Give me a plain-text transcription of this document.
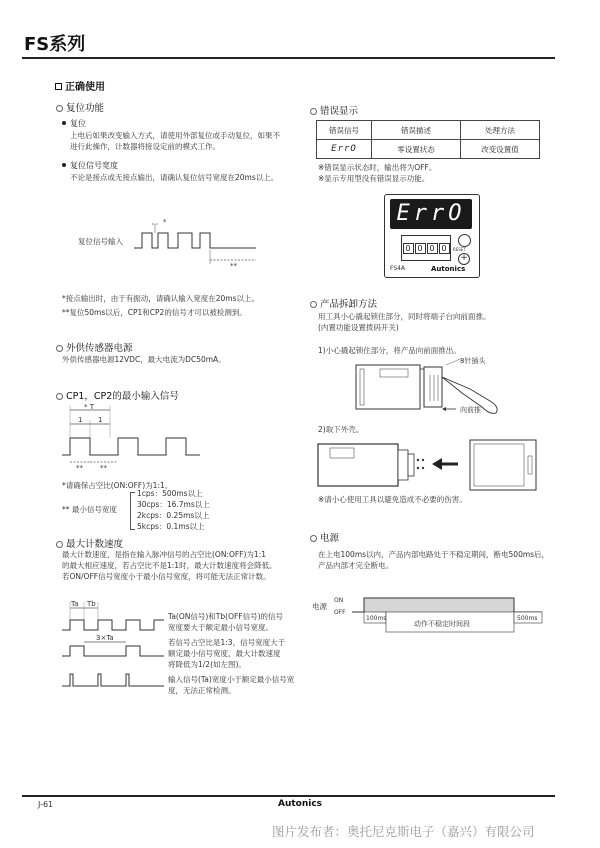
FS系列
正确使用
复位功能
复位
上电后如果改变输入方式，请使用外部复位或手动复位，如果不
进行此操作，计数器将接设定前的模式工作。
复位信号宽度
不论是接点或无接点输出，请确认复位信号宽度在20ms以上。
复位信号输入
*
**
*接点输出时，由于有振动，请确认输入宽度在20ms以上。
**复位50ms以后，CP1和CP2的信号才可以被检测到。
外供传感器电源
外供传感器电源12VDC，最大电流为DC50mA。
CP1，CP2的最小输入信号
* T
1 1
** **
*请确保占空比(ON:OFF)为1:1。
** 最小信号宽度
1cps：500ms以上
30cps：16.7ms以上
2kcps：0.25ms以上
5kcps：0.1ms以上
最大计数速度
最大计数速度，是指在输入脉冲信号的占空比(ON:OFF)为1:1
的最大相应速度，若占空比不是1:1时，最大计数速度将会降低。
若ON/OFF信号宽度小于最小信号宽度，将可能无法正常计数。
Ta Tb
3×Ta
Ta(ON信号)和Tb(OFF信号)的信号
宽度要大于额定最小信号宽度。
若信号占空比是1:3，信号宽度大于
额定最小信号宽度，最大计数速度
将降低为1/2(如左图)。
输入信号(Ta)宽度小于额定最小信号宽
度，无法正常检测。
错误显示
错误信号	错误描述	处理方法
ErrO	零设置状态	改变设置值
※错误显示状态时，输出将为OFF。
※显示专用型没有错误显示功能。
ErrO
0 0 0 0	RESET
+
FS4A	Autonics
产品拆卸方法
用工具小心撬起锁住部分，同时将端子台向前面推。
(内置功能设置拨码开关)
1)小心撬起锁住部分，将产品向前面推出。
8针插头
向前推
2)取下外壳。
※请小心使用工具以避免造成不必要的伤害。
电源
在上电100ms以内，产品内部电路处于不稳定期间，断电500ms后，
产品内部才完全断电。
电源
ON
OFF
100ms
动作不稳定时间段
500ms
J-61	Autonics
图片发布者：奥托尼克斯电子（嘉兴）有限公司
